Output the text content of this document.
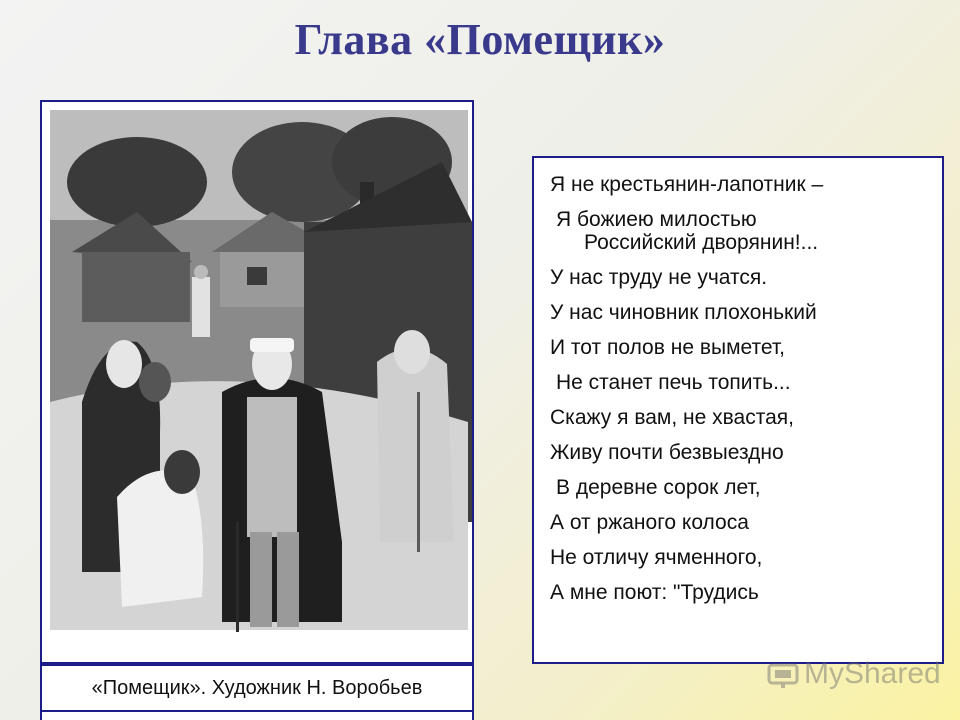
Глава «Помещик»
«Помещик». Художник Н. Воробьев
Я не крестьянин-лапотник –
Я божиею милостью
Российский дворянин!...
У нас труду не учатся.
У нас чиновник плохонький
И тот полов не выметет,
Не станет печь топить...
Скажу я вам, не хвастая,
Живу почти безвыездно
В деревне сорок лет,
А от ржаного колоса
Не отличу ячменного,
А мне поют: "Трудись
MyShared
